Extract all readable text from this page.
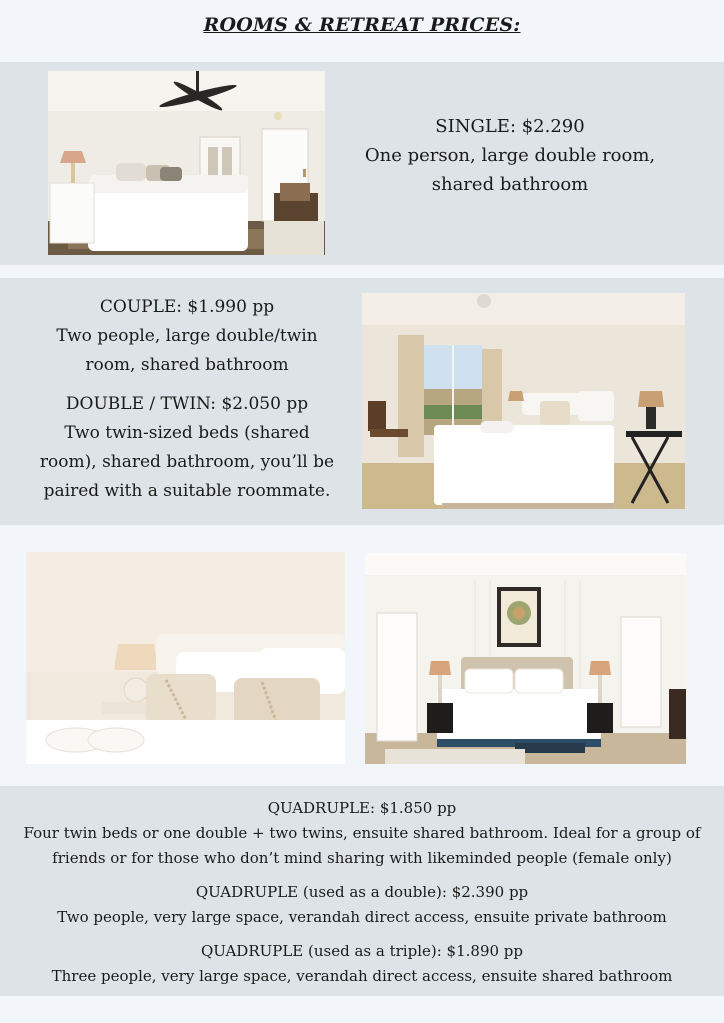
ROOMS & RETREAT PRICES:
SINGLE: $2.290
One person, large double room,
shared bathroom

COUPLE: $1.990 pp

Two people, large double/twin

room, shared bathroom

DOUBLE / TWIN: $2.050 pp

Two twin-sized beds (shared

room), shared bathroom, you’ll be

paired with a suitable roommate.

QUADRUPLE: $1.850 pp

Four twin beds or one double + two twins, ensuite shared bathroom. Ideal for a group of

friends or for those who don’t mind sharing with likeminded people (female only)

QUADRUPLE (used as a double): $2.390 pp

Two people, very large space, verandah direct access, ensuite private bathroom

QUADRUPLE (used as a triple): $1.890 pp

Three people, very large space, verandah direct access, ensuite shared bathroom
